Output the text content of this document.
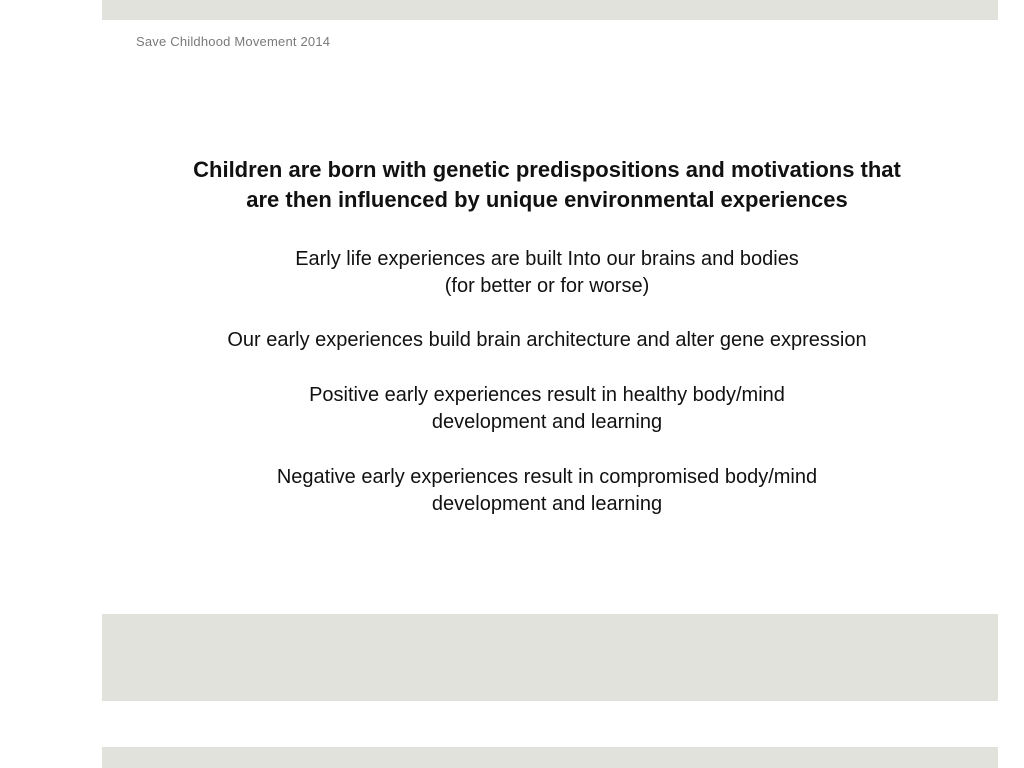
Save Childhood Movement 2014
Children are born with genetic predispositions and motivations that
are then influenced by unique environmental experiences

Early life experiences are built Into our brains and bodies
(for better or for worse)

Our early experiences build brain architecture and alter gene expression

Positive early experiences result in healthy body/mind
development and learning

Negative early experiences result in compromised body/mind
development and learning
